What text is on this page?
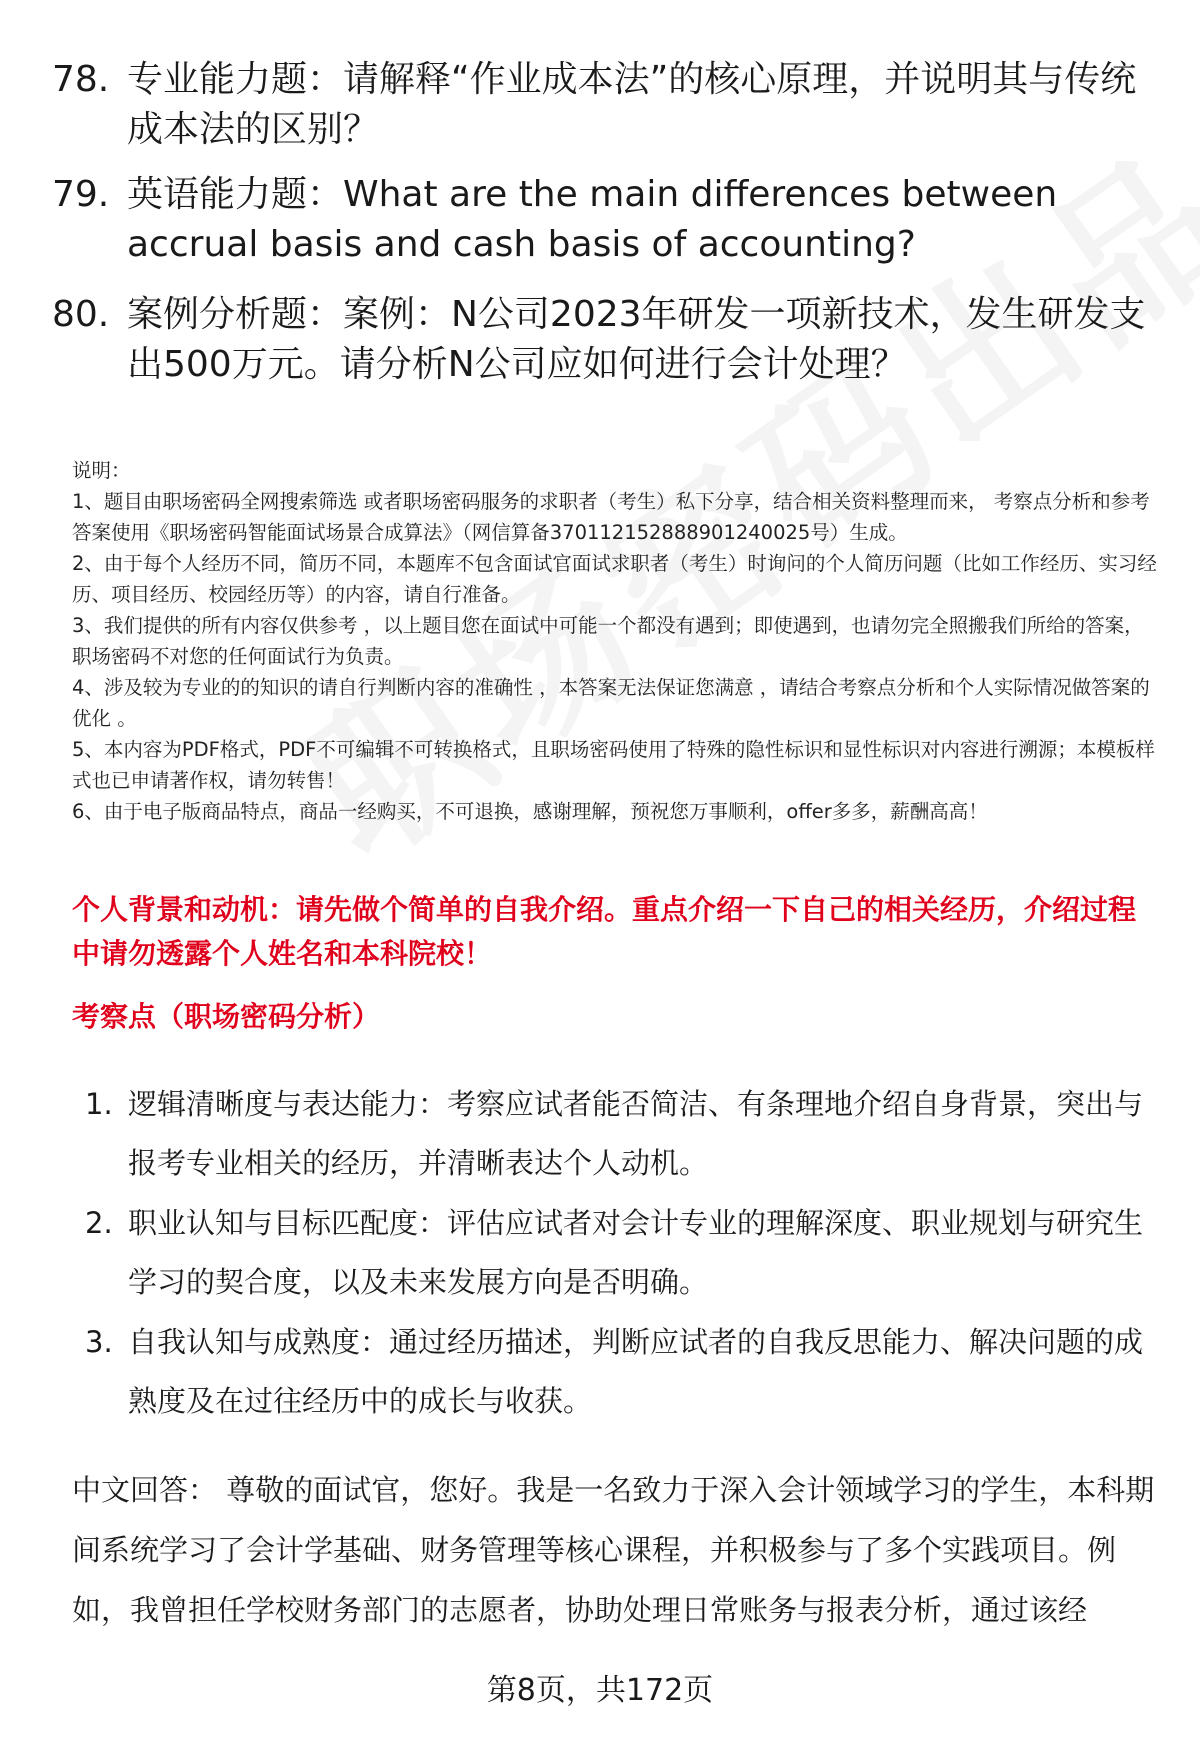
78. 专业能力题：请解释“作业成本法”的核心原理，并说明其与传统成本法的区别？
79. 英语能力题：What are the main differences between accrual basis and cash basis of accounting?
80. 案例分析题：案例：N公司2023年研发一项新技术，发生研发支出500万元。请分析N公司应如何进行会计处理？

说明：

1、题目由职场密码全网搜索筛选 或者职场密码服务的求职者（考生）私下分享，结合相关资料整理而来， 考察点分析和参考答案使用《职场密码智能面试场景合成算法》（网信算备370112152888901240025号）生成。

2、由于每个人经历不同，简历不同，本题库不包含面试官面试求职者（考生）时询问的个人简历问题（比如工作经历、实习经历、项目经历、校园经历等）的内容，请自行准备。

3、我们提供的所有内容仅供参考 ，以上题目您在面试中可能一个都没有遇到；即使遇到，也请勿完全照搬我们所给的答案，职场密码不对您的任何面试行为负责。

4、涉及较为专业的的知识的请自行判断内容的准确性 ，本答案无法保证您满意 ，请结合考察点分析和个人实际情况做答案的优化 。

5、本内容为PDF格式，PDF不可编辑不可转换格式，且职场密码使用了特殊的隐性标识和显性标识对内容进行溯源；本模板样式也已申请著作权，请勿转售！

6、由于电子版商品特点，商品一经购买，不可退换，感谢理解，预祝您万事顺利，offer多多，薪酬高高！

个人背景和动机：请先做个简单的自我介绍。重点介绍一下自己的相关经历，介绍过程中请勿透露个人姓名和本科院校！
考察点（职场密码分析）
1. 逻辑清晰度与表达能力：考察应试者能否简洁、有条理地介绍自身背景，突出与报考专业相关的经历，并清晰表达个人动机。
2. 职业认知与目标匹配度：评估应试者对会计专业的理解深度、职业规划与研究生学习的契合度，以及未来发展方向是否明确。
3. 自我认知与成熟度：通过经历描述，判断应试者的自我反思能力、解决问题的成熟度及在过往经历中的成长与收获。
中文回答： 尊敬的面试官，您好。我是一名致力于深入会计领域学习的学生，本科期间系统学习了会计学基础、财务管理等核心课程，并积极参与了多个实践项目。例如，我曾担任学校财务部门的志愿者，协助处理日常账务与报表分析，通过该经
第8页，共172页
